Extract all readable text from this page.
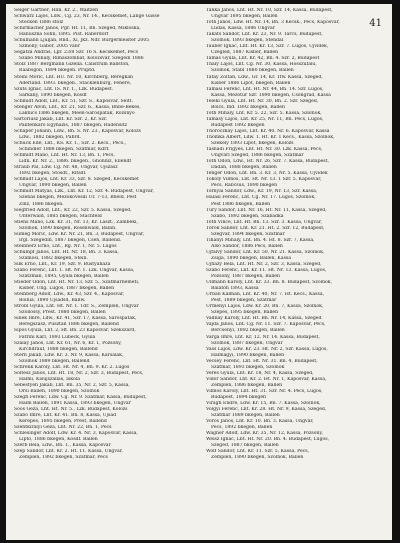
41
Seiger Gärtner, Hlin. Kr. 2., Waitzen
Schwarz Lajos, Ldw., Cg. 23, Nr. 14., Kecskemét, Lange Gasse
Stecken 1886 stolz
Schirmacher János, Pgr. Ht. 11, Bn. Szeged, Mikloska,
Hanuszna Sohn, 1895. Pist. Raberdorf
Schumann Ljuljan, Rnd., Xi, Jkz. Ndr. Bürgermeister 2005
Szmolly, Gabor, 2005 vanr
Segatza András, Lpr. 23/8 Szr. 16 S. Kecskemét, Pécs
Szabó Mihály, Rimaszombat, Kolozsvár, Szegedi 1886
Stolz 1887 Bergmann Gizella. Calistrum Ballston,
Raabsgon, 1894 bkegen. Pruptd.
Steini Móric, Lnt. HU. Nr. 10, Kirchberg, Beregkan
Aderland. 1893. bkegen., Stacklenburg, Fehéré,
Szüts Ignác, Lnt. IS. Nr. 1., Lzk. Budapest.
Sárkány, 1890 bkegen, Kosdf
Schmidt Adolf, Lnt., Kr. 51, Szr. S., Kaposvár, Seitt.
Stenger Alvin, Lnt., Kr. 21, Szr. 6., Kassa, Bnbe-Bekes,
Laknics 1886 bkegen, Meen-Sárospatak, Rozsnyó
Sartoriusz Jakab, Lnt. Kr. Szr. 2, Kr. Szr.
Palitenkaro Egyházis, 1887 bkegen, Rudensitz
Schaper Johann, Ldw., Bn. S. Nr. 23., Kaposvár, Kolozs
Ldw., 1882 bkegen, Pabrd.
Schuck Ede, Lnt., KS. Kr. 1., Szr. 2. Kecs., Pécs.,
Schindler 1888 bkegen, Szatmár, Kdrf.
Schmidt Manó, Lnt. Ht. Nr. 13, Bn. 1, Pécs,
Lidn. Kr. Nr. 2., 1886. bkegen., Ghonniz, Ellendf
Straub Pál, Ldw. Cg. Nr. 48, Ungvár, Ujszász
1892 bkegen, Stosdt., Ritsdf.
Schmidt Lajos, Lnt. Kr. 33, Szr. 8. Szeged, Kecskemét
Ungvár, 1890 bkegen, Ballen
Schmidt Mátyás, Lzk., Lnt. Kr. 12, Szr. 4. Budapest, Ungvár,
Szénás bkegen, Mezőkövesdi Ur. 7-13, Bneld, Pest
Zinz, 1886 bkegen.
Siegfried Adolf, Lnt., Kr. 22, Szr. 5. Kassa, Szeged,
Unterwald, 1885 bkegen, Stachfeld
Stiens Manó, Lzk. Kr. 31, Nr. 13, Kr. Laszt., Zámbeki,
Szolnok, 1890 bkegen, Rosenwald, Ballin.
Sümeg Móric, Ldw. Kr. Nr. 21, Bn. 3, Budapest, Ungvár,
Irgl. Szegedin, 1887 bkegen, Cseh, Ballend.
Steinherz Ernő, Lnt., Rg. Nr. 1, Nr. 5. Lugos
Schumpf János, Lnt. Ht. Nr. 18, Bn. 3. Kassa,
Szamosi, 1882 bkegen, Stein.
Silk Ernő, Lnt., Kr. 19, Szr. 9. Bustyaháza
Szabó Ferenc, Lnt. 1. Ht. Nr. 1. Lzk. Ungvár, Kassa,
Szatzman, 1895, Gyula bkegen, Ballen
Stieder Ödön, Lnt. Ht. Nr. 13, Szr. 5., Szatmárnémeti,
Kisbér, Ung. Lugos, 1887 bkegen, Ballen
Steinberg Adolf, Ldw., Kr. 43, Szr. 4., Kaposvár,
Bolnia, 1890 Ujsádsd, Ballw.
Strobl Gyula, Lnt. Ht. Nr. 1. Tdr. S., Zemplén, Ungvár
Szőllőssy, Prest. 1880 bkegen, Ballen
Sinek Imre, Ldw., Kr. 41, Szr. 17, Kassa, Sárospatak,
Beregszász, Pusztán 1886 bkegen, Ballend
Sipos Gyula, Lnt. 2, Ht. Bn. 23 Kaposvár, Szekszárd,
Fatrini Karl, 1893 Lübeck, Gyula
Szalay János, Lnt. Kr. 61, Nr. 6, Kr. 1, Pozsony,
Kirchdrauf, 1888 bkegen, Ballend
Stern Jakab, Ldw. Kr. 3. Nr. 9, Kassa, Karsalak,
Szolnok 1889 bkegen, Ballend
Schrenk Károly, Lnt. Ht. Nr. 4, Bn. 9. Kr. 2. Lugos
Soltész János, Lnt. Ht. 18, Nr. 2, Szr. 3, Budapest, Pécs,
Halmi, Kisújszállás, Iskola
Sebestyén Jakab, Lnt. Bn. 35, Nr. 2, Szr. 5, Kassa,
Orsi Ballen, 1890 bkegen, Szolnok
Szegfi Ferenc, Ldw. Cg. Nr. 9. Szatmár, Kassa, Budapest,
Halm Ballen, 1891 Kassa, 1893 bkegen, Ungvár
Soós Géza, Lnt. Ht. Nr. 5., Lzk. Budapest, Kolozs
Szabó Imre, Lnt. Kr. 41. Bn. 8, Kassa, Ujsád
Kerepes, 1895 bkegen, Prest, Ballend
Szentkirályi Géza, Lnt. Nr. 22, Bn. 1, Pécs
Schlesinger Adolf, Ldw. Kr. 4. Nr. 3, Kaposvár, Kassa,
Liptó, 1886 bkegen, Kosdf. Ballen
Szerb Béla, Ldw., Bn. 1., Kassa, Kaposvár
Szép Sándor, Lnt. Kr. 2. Ht. 11. Kassa, Ungvár,
Zemplén, 1892 bkegen, Szatmár, Pécs
Tanka János, Lnt. Ht. Nr. 10, Szr. 14, Kassa, Budapest,
Ungvár 1895 bkegen, Ballen
Tóth János, Ldw. Ht. Nr. 14, Bn. 3 Kecsk., Pécs, Kaposvár,
Ludas, Kassa, 1886 Ungvár
Takáts Sándor, Lnt. Kr. 23, Nr. 9. Tarcs, Budapest,
Szolnok, 1893 bkegen, Stendal
Tauber Ignác, Lnt. Ht. Kr. 13, Szr. 7. Lugos, Ujvidék,
Czegléd, 1887 Kisbér, Ballen
Tamás Gyula, Lnt. Kr. 42, Bn. 4. Szr. 2, Budapest
Thaly Lajos, Lnt. Cg. Nr. 30, Kassa, Hosszúfalu,
Szolnok, Stäbl 1880 bkegen, Ballen
Tatay Zoltán, Ldw., Gr. 14, Kr. Tfw. Kassa, Szeged,
Kisbér 1886 Lipót, bkegen, Ballen
Tamasi Ferenc, Lnt. Ht. Nr. 44, Bn. 14. Szr. Lugos,
Kassa, Mezőtúr Szr. 1890 bkegen, Csongrád, Kassa
Teleki Gyula, Lnt. Ht. Nr. 30, Bn. 2. Szr. Szeged,
Bölcs, Ind. 1892 bkegen, Ballen
Tóth Mihály, Lnt. Kr. 5. 22, Szr. 5. Kassa, Szolnok,
Tamásy Lajos, Lnt. Kr. 25, Nr. 11, Bn. Pécs, Lugos,
Budapest 1892 bkegen
Thoroczkay Lajos, Lnt. Kr. 40. Nr. 6. Kaposvár, Kassa
Thomka Albert, Ldw. 1. Ht. Kr. 1 Kecs., Kassa, Szolnok,
Szekely 1893 Lipót, bkegen, Kolozs
Tasnádi Frigyes, Lnt. Ht. Nr. 30. Lzk. Kassa, Pécs,
Ungvári Szeged, 1886 bkegen, Szatmár
Tóth Ödön, Ldw., Ht. Nr. 26, Szr. 7. Kassa, Budapest,
Dadán, 1888 bkegen, Ballen
Tenger Ödön, Lnt. Bn. 3. Kr. 3, Nr. 5. Kassa, Ujvidék
Tököly Vilmos, Lnt. Ht. Nr. 13. 1 Szr. 5. Kaposvár,
Pécs, Rábcsus, 1890 bkegen
Tornyai Sándor, Ldw., Kr. 19, Nr. 13, Szr. Kassa,
Halasi Ferenc, Lnt. Cg. Nr. 17. Lugos, Szolnok,
Pest 1886 bkegen, Ballen
Tury Sándor, Lnt. Nr. 16, Ht. Nr. 11, Kassa, Szeged,
Szabó, 1892 bkegen, Szabadka
Tóth Vince, Lnt. Ht. Bn. 13. Szr. 3. Kassa, Ungvár,
Török Sándor, Lnt. Kr. 21. Ht. 2. Szr. 12, Budapest,
Szegvár, 1894 bkegen, Szatmár
Tihanyi Mihály, Lnt. Bn. 4. Ht. 8. Szr. 7, Kassa,
Alsó Sándor, 1886 Pécs, Ballen
Ujfalvy Sándor, Lnt. Kr. 50, Nr. 21. Kassa, Szolnok,
Zsiga, 1890 bkegen, Ballen, Kassa
Ujházy Béla, Lnt. Ht. Nr. 2, Szr. 3, Kassa, Szeged,
Szabó Ferenc, Lnt. Kr. 11. Ht. Nr. 13. Kassa, Lugos,
Pozsony, 1887 bkegen, Ballen
Ullmann Károly, Lnt. Kr. 33. Bn. 8. Budapest, Szolnok,
Balaton 1893, Kassa
Urbán Kálmán, Lnt. Kr. 40, Nr. 7. Ht. Kecs., Kassa,
Pest, 1889 bkegen, Szatmár
Ürményi Lajos, Ldw. Kr. 20, Bn. 7, Kassa, Szolnok,
Szepes, 1895 bkegen, Ballen
Vadnay Károly, Lnt. Ht. Bn. Nr. 14, Kassa, Szeged
Vajda János, Lnt. Cg. Nr. 11. Szr. 7. Kaposvár, Pécs,
Bercsényi, 1892 bkegen, Ballen
Varga Imre, Lnt. Kr. 12. Nr. 14. Kassa, Budapest,
Szolnok, 1887 bkegen, Ungvár
Vass Lajos, Ldw. Kr. 23. Ht. Nr. 2, Szr. Kassa, Lugos,
Halmágyi, 1890 bkegen, Ballen
Vécsey Ferenc, Lnt. Ht. Nr. 31. Bn. 4, Budapest,
Szatmár, 1893 bkegen, Szolnok
Veres Gyula, Lnt. Kr. 18, Nr. 4, Kassa, Szeged,
Vidor Sándor, Lnt. Kr. 2. Ht. Nr. 1, Kaposvár, Kassa,
Zemplén, 1886 bkegen, Ballen
Vilmos Károly, Lnt. Ht. 31. Szr. Nr. 4. Pécs, Lugos,
Budapest, 1894 bkegen
Virágh Endre, Ldw. Kr. 15, Bn. 7. Kassa, Szolnok,
Völgyi Ferenc, Lnt. Kr. 28. Ht. Nr. 9, Kassa, Szeged,
Szatmár 1889 bkegen, Ballen
Vörös János, Lnt. Kr. 10. Bn. 3. Kassa, Ungvár,
Pécs, 1892 bkegen, Ballen
Wagner Adolf, Ldw. Kr. 35, Nr. 12, Kassa, Pozsony,
Weisz Ignác, Lnt. Ht. Nr. 20. Bn. 4. Budapest, Lugos,
Szeged, 1887 bkegen, Ballen
Wolf Sándor, Lnt. Kr. 11. Szr. 5, Kassa, Pécs,
Zemplén, 1890 bkegen, Szolnok, Ballen
